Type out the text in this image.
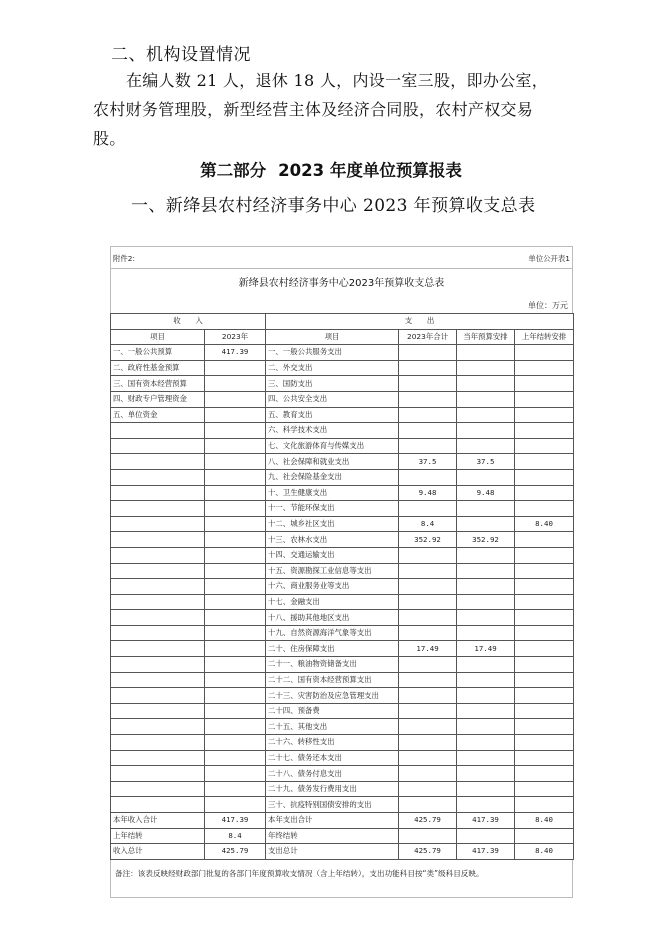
二、机构设置情况
在编人数 21 人，退休 18 人，内设一室三股，即办公室，
农村财务管理股，新型经营主体及经济合同股，农村产权交易
股。
第二部分 2023 年度单位预算报表
一、新绛县农村经济事务中心 2023 年预算收支总表
附件2:	单位公开表1
新绛县农村经济事务中心2023年预算收支总表
单位：万元
收　　入		支　　出			
项目	2023年	项目	2023年合计	当年预算安排	上年结转安排
一、一般公共预算	417.39	一、一般公共服务支出			
二、政府性基金预算		二、外交支出			
三、国有资本经营预算		三、国防支出			
四、财政专户管理资金		四、公共安全支出			
五、单位资金		五、教育支出			
		六、科学技术支出			
		七、文化旅游体育与传媒支出			
		八、社会保障和就业支出	37.5	37.5	
		九、社会保险基金支出			
		十、卫生健康支出	9.48	9.48	
		十一、节能环保支出			
		十二、城乡社区支出	8.4		8.40
		十三、农林水支出	352.92	352.92	
		十四、交通运输支出			
		十五、资源勘探工业信息等支出			
		十六、商业服务业等支出			
		十七、金融支出			
		十八、援助其他地区支出			
		十九、自然资源海洋气象等支出			
		二十、住房保障支出	17.49	17.49	
		二十一、粮油物资储备支出			
		二十二、国有资本经营预算支出			
		二十三、灾害防治及应急管理支出			
		二十四、预备费			
		二十五、其他支出			
		二十六、转移性支出			
		二十七、债务还本支出			
		二十八、债务付息支出			
		二十九、债务发行费用支出			
		三十、抗疫特别国债安排的支出			
本年收入合计	417.39	本年支出合计	425.79	417.39	8.40
上年结转	8.4	年终结转			
收入总计	425.79	支出总计	425.79	417.39	8.40
备注：该表反映经财政部门批复的各部门年度预算收支情况（含上年结转），支出功能科目按“类”级科目反映。
